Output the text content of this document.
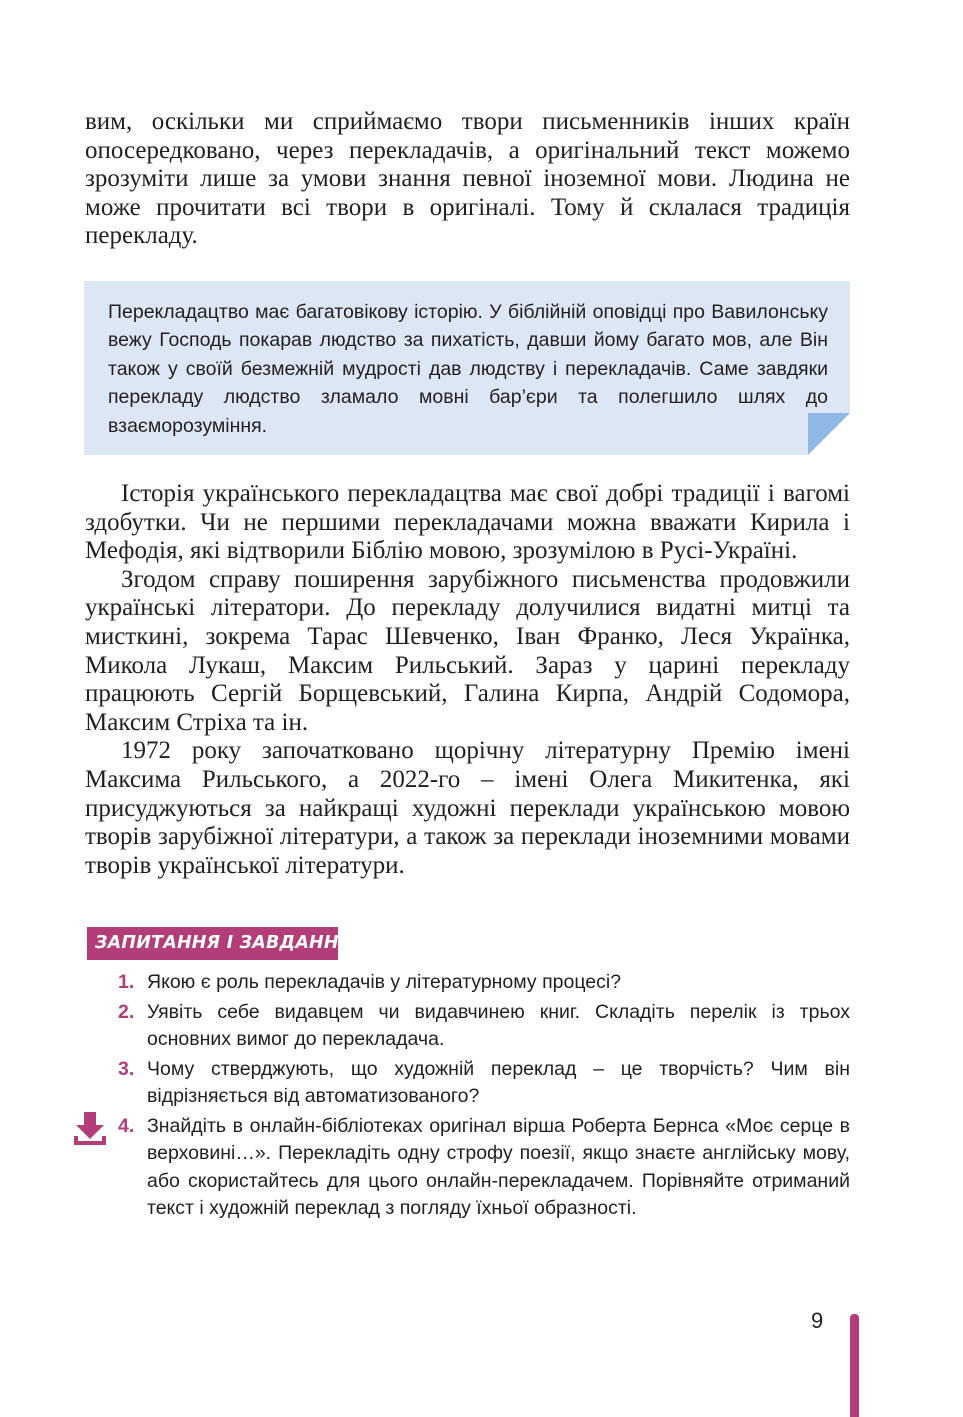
вим, оскільки ми сприймаємо твори письменників інших країн опосередковано, через перекладачів, а оригінальний текст можемо зрозуміти лише за умови знання певної іноземної мови. Людина не може прочитати всі твори в оригіналі. Тому й склалася традиція перекладу.

Перекладацтво має багатовікову історію. У біблійній оповідці про Вавилонську вежу Господь покарав людство за пихатість, давши йому багато мов, але Він також у своїй безмежній мудрості дав людству і перекладачів. Саме завдяки перекладу людство зламало мовні бар’єри та полегшило шлях до взаєморозуміння.

Історія українського перекладацтва має свої добрі традиції і вагомі здобутки. Чи не першими перекладачами можна вважати Кирила і Мефодія, які відтворили Біблію мовою, зрозумілою в Русі-Україні.

Згодом справу поширення зарубіжного письменства продовжили українські літератори. До перекладу долучилися видатні митці та мисткині, зокрема Тарас Шевченко, Іван Франко, Леся Українка, Микола Лукаш, Максим Рильський. Зараз у царині перекладу працюють Сергій Борщевський, Галина Кирпа, Андрій Содомора, Максим Стріха та ін.

1972 року започатковано щорічну літературну Премію імені Максима Рильського, а 2022-го – імені Олега Микитенка, які присуджуються за найкращі художні переклади українською мовою творів зарубіжної літератури, а також за переклади іноземними мовами творів української літератури.

ЗАПИТАННЯ І ЗАВДАННЯ
1. Якою є роль перекладачів у літературному процесі?
2. Уявіть себе видавцем чи видавчинею книг. Складіть перелік із трьох основних вимог до перекладача.
3. Чому стверджують, що художній переклад – це творчість? Чим він відрізняється від автоматизованого?
4. Знайдіть в онлайн-бібліотеках оригінал вірша Роберта Бернса «Моє серце в верховині…». Перекладіть одну строфу поезії, якщо знаєте англійську мову, або скористайтесь для цього онлайн-перекладачем. Порівняйте отриманий текст і художній переклад з погляду їхньої образності.
9
